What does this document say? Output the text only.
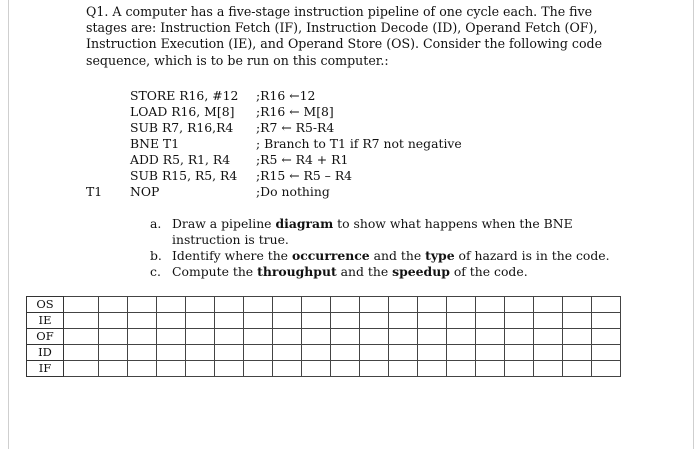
Q1. A computer has a five-stage instruction pipeline of one cycle each. The five stages are: Instruction Fetch (IF), Instruction Decode (ID), Operand Fetch (OF), Instruction Execution (IE), and Operand Store (OS). Consider the following code sequence, which is to be run on this computer.:
STORE R16, #12 ;R16 ←12
LOAD R16, M[8] ;R16 ← M[8]
SUB R7, R16,R4 ;R7 ← R5-R4
BNE T1	; Branch to T1 if R7 not negative
ADD R5, R1, R4 ;R5 ← R4 + R1
SUB R15, R5, R4 ;R15 ← R5 – R4
T1 NOP	;Do nothing
a. Draw a pipeline diagram to show what happens when the BNE instruction is true.
b. Identify where the occurrence and the type of hazard is in the code.
c. Compute the throughput and the speedup of the code.
OS																			
IE																			
OF																			
ID																			
IF																			
